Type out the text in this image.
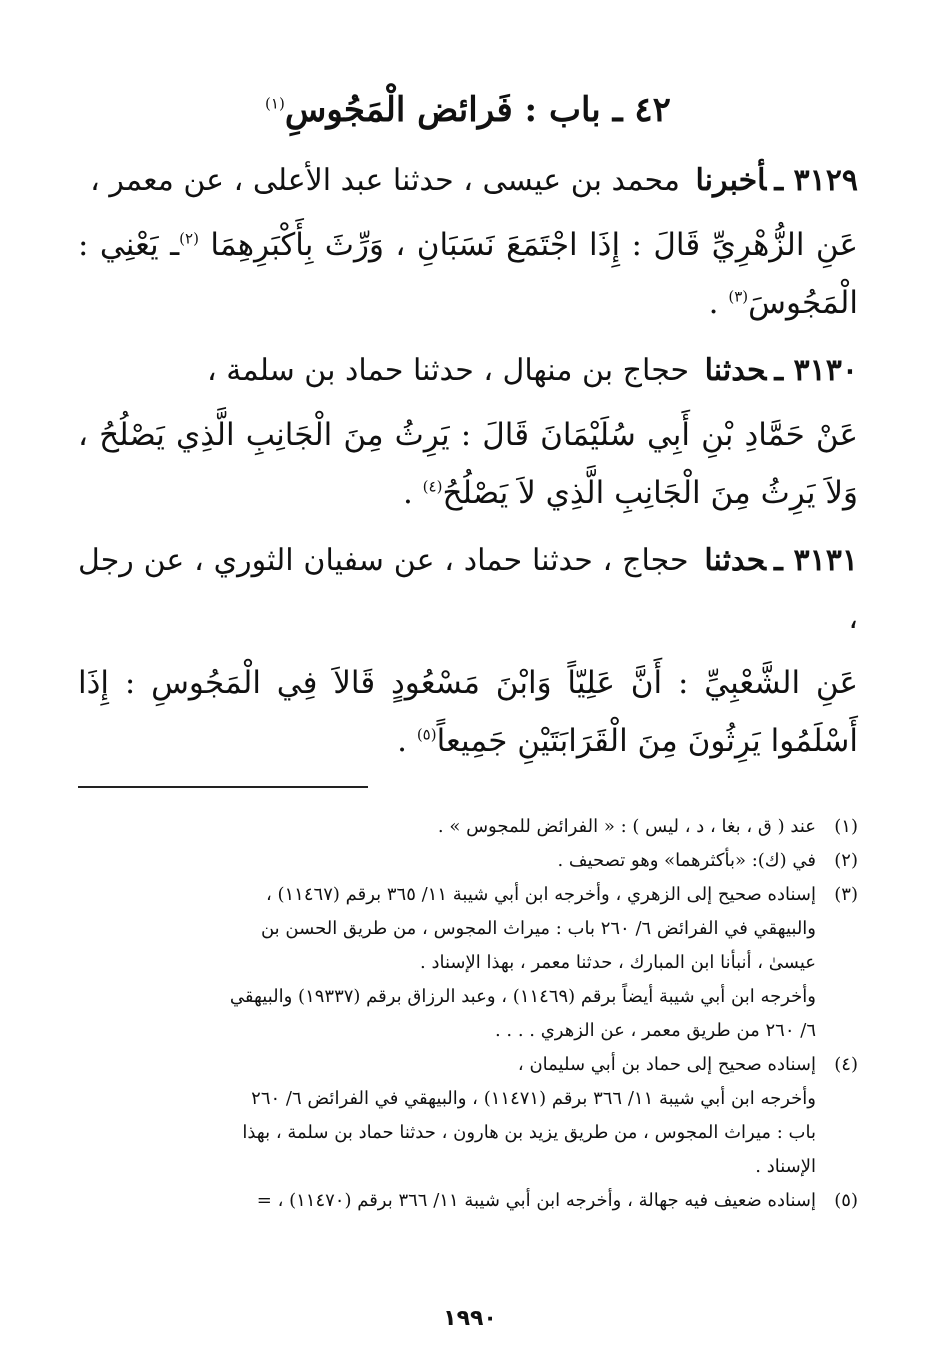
٤٢ ـ باب : فَرائض الْمَجُوسِ$^{(١)}$
٣١٢٩ ـأخبرنا محمد بن عيسى ، حدثنا عبد الأعلى ، عن معمر ،
عَنِ الزُّهْرِيِّ قَالَ : إِذَا اجْتَمَعَ نَسَبَانِ ، وَرِّثَ بِأَكْبَرِهِمَا $^{(٢)}$ـ يَعْنِي : الْمَجُوسَ$^{(٣)}$ .
٣١٣٠ ـحدثنا حجاج بن منهال ، حدثنا حماد بن سلمة ،
عَنْ حَمَّادِ بْنِ أَبِي سُلَيْمَانَ قَالَ : يَرِثُ مِنَ الْجَانِبِ الَّذِي يَصْلُحُ ، وَلاَ يَرِثُ مِنَ الْجَانِبِ الَّذِي لاَ يَصْلُحُ$^{(٤)}$ .
٣١٣١ ـحدثنا حجاج ، حدثنا حماد ، عن سفيان الثوري ، عن رجل ،
عَنِ الشَّعْبِيِّ : أَنَّ عَلِيّاً وَابْنَ مَسْعُودٍ قَالاَ فِي الْمَجُوسِ : إِذَا أَسْلَمُوا يَرِثُونَ مِنَ الْقَرَابَتَيْنِ جَمِيعاً$^{(٥)}$ .
(١)
عند ( ق ، بغا ، د ، ليس ) : « الفرائض للمجوس » .
(٢)
في (ك): «بأكثرهما» وهو تصحيف .
(٣)
إسناده صحيح إلى الزهري ، وأخرجه ابن أبي شيبة ١١/ ٣٦٥ برقم (١١٤٦٧) ،
والبيهقي في الفرائض ٦/ ٢٦٠ باب : ميراث المجوس ، من طريق الحسن بن
عيسىٰ ، أنبأنا ابن المبارك ، حدثنا معمر ، بهذا الإسناد .
وأخرجه ابن أبي شيبة أيضاً برقم (١١٤٦٩) ، وعبد الرزاق برقم (١٩٣٣٧) والبيهقي
٦/ ٢٦٠ من طريق معمر ، عن الزهري . . . .
(٤)
إسناده صحيح إلى حماد بن أبي سليمان ،
وأخرجه ابن أبي شيبة ١١/ ٣٦٦ برقم (١١٤٧١) ، والبيهقي في الفرائض ٦/ ٢٦٠
باب : ميراث المجوس ، من طريق يزيد بن هارون ، حدثنا حماد بن سلمة ، بهذا
الإسناد .
(٥)
إسناده ضعيف فيه جهالة ، وأخرجه ابن أبي شيبة ١١/ ٣٦٦ برقم (١١٤٧٠) ، =
١٩٩٠
